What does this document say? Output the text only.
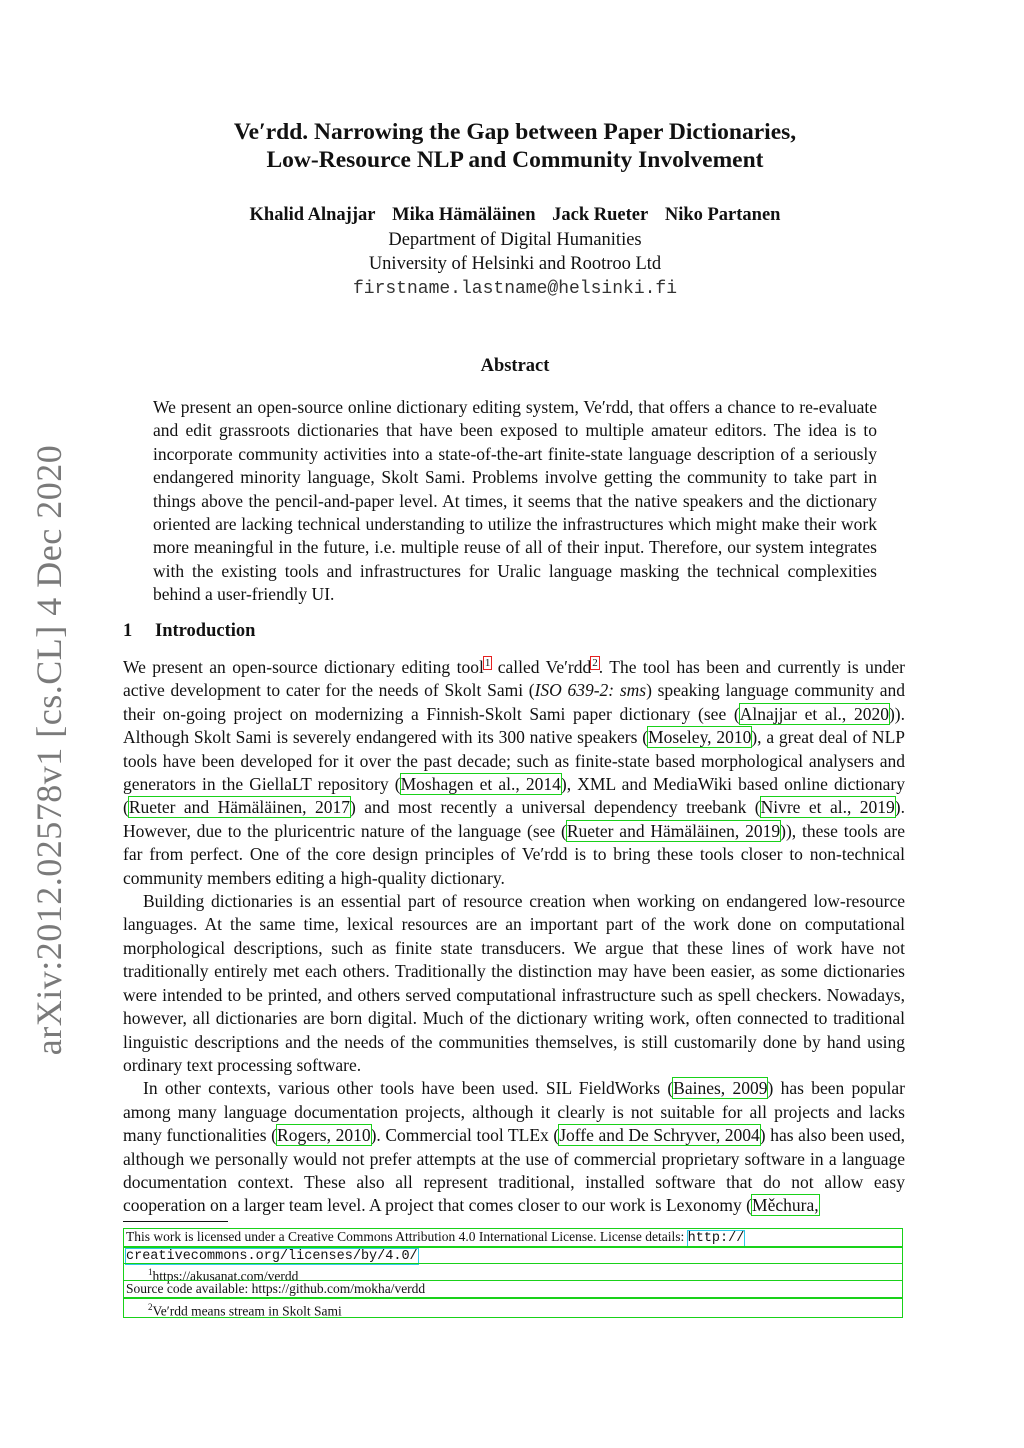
arXiv:2012.02578v1 [cs.CL] 4 Dec 2020
Ve′rdd. Narrowing the Gap between Paper Dictionaries,
Low-Resource NLP and Community Involvement
Khalid Alnajjar Mika Hämäläinen Jack Rueter Niko Partanen
Department of Digital Humanities
University of Helsinki and Rootroo Ltd
firstname.lastname@helsinki.fi
Abstract

We present an open-source online dictionary editing system, Ve′rdd, that offers a chance to re-evaluate and edit grassroots dictionaries that have been exposed to multiple amateur editors. The idea is to incorporate community activities into a state-of-the-art finite-state language description of a seriously endangered minority language, Skolt Sami. Problems involve getting the community to take part in things above the pencil-and-paper level. At times, it seems that the native speakers and the dictionary oriented are lacking technical understanding to utilize the infrastructures which might make their work more meaningful in the future, i.e. multiple reuse of all of their input. Therefore, our system integrates with the existing tools and infrastructures for Uralic language masking the technical complexities behind a user-friendly UI.

1 Introduction

We present an open-source dictionary editing tool$^1$ called Ve′rdd$^2$. The tool has been and currently is under active development to cater for the needs of Skolt Sami (ISO 639-2: sms) speaking language community and their on-going project on modernizing a Finnish-Skolt Sami paper dictionary (see (Alnajjar et al., 2020)). Although Skolt Sami is severely endangered with its 300 native speakers (Moseley, 2010), a great deal of NLP tools have been developed for it over the past decade; such as finite-state based morphological analysers and generators in the GiellaLT repository (Moshagen et al., 2014), XML and MediaWiki based online dictionary (Rueter and Hämäläinen, 2017) and most recently a universal dependency treebank (Nivre et al., 2019). However, due to the pluricentric nature of the language (see (Rueter and Hämäläinen, 2019)), these tools are far from perfect. One of the core design principles of Ve′rdd is to bring these tools closer to non-technical community members editing a high-quality dictionary.

Building dictionaries is an essential part of resource creation when working on endangered low-resource languages. At the same time, lexical resources are an important part of the work done on computational morphological descriptions, such as finite state transducers. We argue that these lines of work have not traditionally entirely met each others. Traditionally the distinction may have been easier, as some dictionaries were intended to be printed, and others served computational infrastructure such as spell checkers. Nowadays, however, all dictionaries are born digital. Much of the dictionary writing work, often connected to traditional linguistic descriptions and the needs of the communities themselves, is still customarily done by hand using ordinary text processing software.

In other contexts, various other tools have been used. SIL FieldWorks (Baines, 2009) has been popular among many language documentation projects, although it clearly is not suitable for all projects and lacks many functionalities (Rogers, 2010). Commercial tool TLEx (Joffe and De Schryver, 2004) has also been used, although we personally would not prefer attempts at the use of commercial proprietary software in a language documentation context. These also all represent traditional, installed software that do not allow easy cooperation on a larger team level. A project that comes closer to our work is Lexonomy (Měchura,

This work is licensed under a Creative Commons Attribution 4.0 International License. License details: http://
creativecommons.org/licenses/by/4.0/
$^1$https://akusanat.com/verdd
Source code available: https://github.com/mokha/verdd
$^2$Ve′rdd means stream in Skolt Sami
